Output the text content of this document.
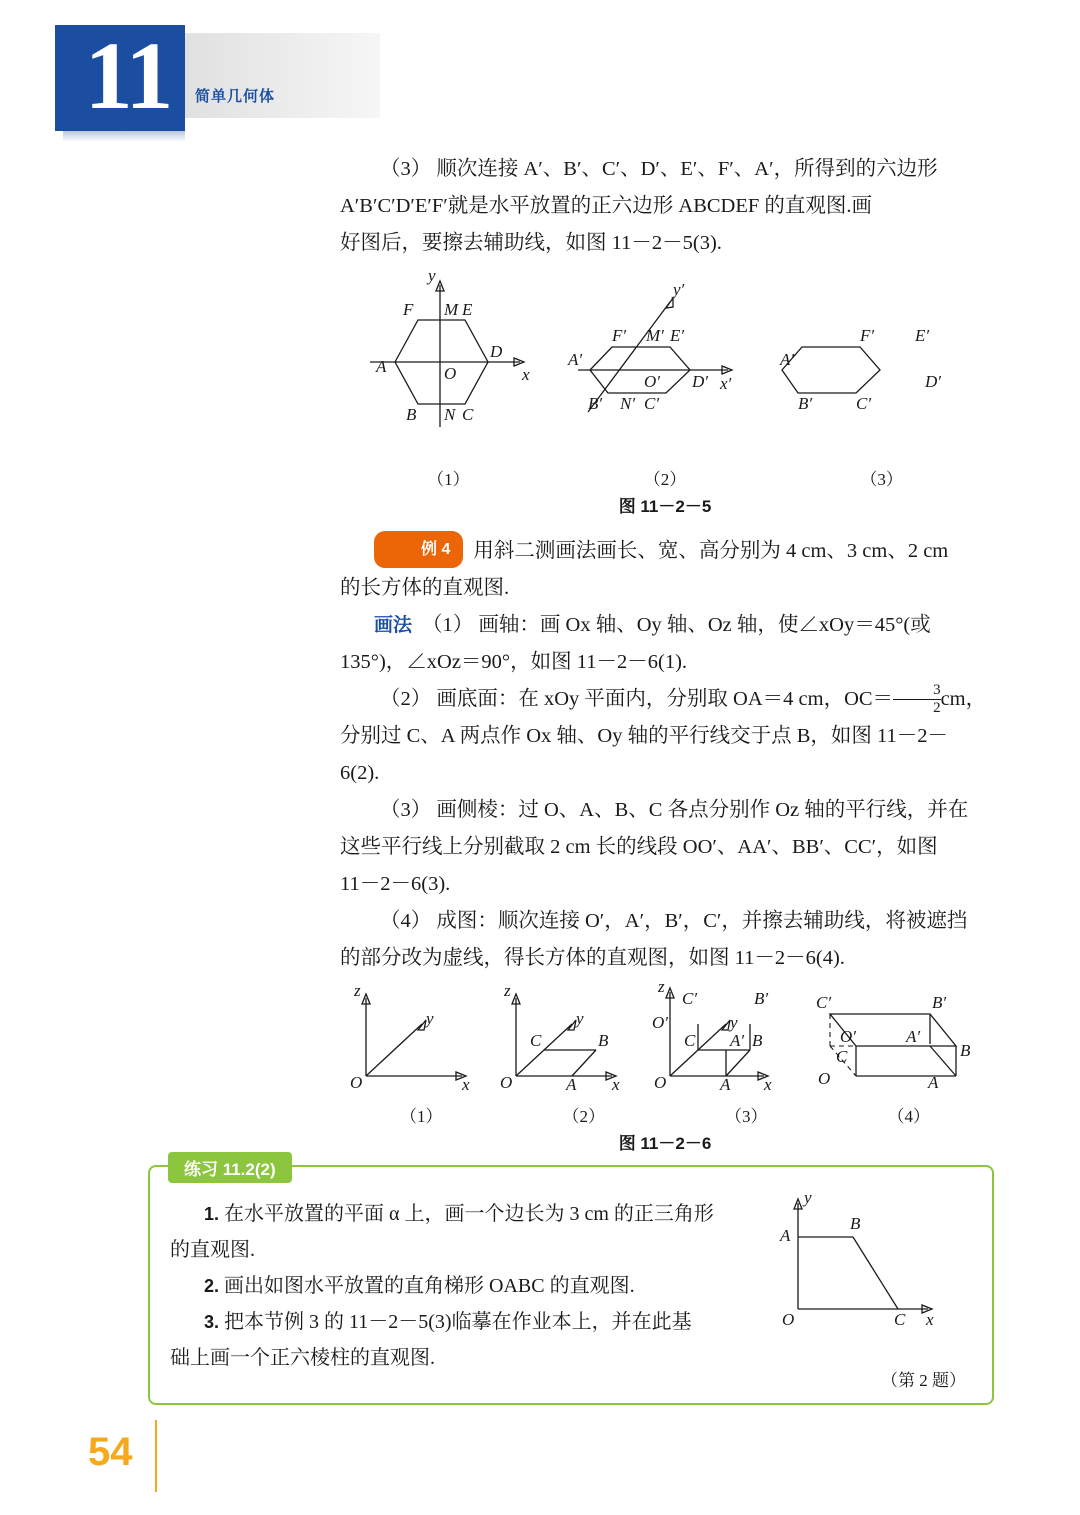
11	简单几何体

（3） 顺次连接 A′、B′、C′、D′、E′、F′、A′，所得到的六边形

A′B′C′D′E′F′就是水平放置的正六边形 ABCDEF 的直观图.画

好图后，要擦去辅助线，如图 11－2－5(3).

y
F M E
A	O
D
x
B N C
y′
A′
F′ M′ E′
O′ D′ x′
B′ N′ C′
F′ E′
A′
D′
B′	C′
（1）	（2）	（3）
图 11－2－5

例 4 用斜二测画法画长、宽、高分别为 4 cm、3 cm、2 cm

的长方体的直观图.

画法 （1） 画轴：画 Ox 轴、Oy 轴、Oz 轴，使∠xOy＝45°(或

135°)，∠xOz＝90°，如图 11－2－6(1).

（2） 画底面：在 xOy 平面内，分别取 OA＝4 cm，$OC=\frac{3}{2}$ cm，

分别过 C、A 两点作 Ox 轴、Oy 轴的平行线交于点 B，如图 11－2－

6(2).

（3） 画侧棱：过 O、A、B、C 各点分别作 Oz 轴的平行线，并在

这些平行线上分别截取 2 cm 长的线段 OO′、AA′、BB′、CC′，如图

11－2－6(3).

（4） 成图：顺次连接 O′，A′，B′，C′，并擦去辅助线，将被遮挡

的部分改为虚线，得长方体的直观图，如图 11－2－6(4).

z
y
O	x
z
C
y
B
O	A x
z
C′	B′
O′
C
y
A′ B
O	A x
C′	B′
O′	A′
B
C
O	A
（1）	（2）	（3）	（4）
图 11－2－6

1. 在水平放置的平面 α 上，画一个边长为 3 cm 的正三角形

的直观图.

2. 画出如图水平放置的直角梯形 OABC 的直观图.

3. 把本节例 3 的 11－2－5(3)临摹在作业本上，并在此基

础上画一个正六棱柱的直观图.

y
A
B
O	C x
（第 2 题）
练习 11.2(2)
54
